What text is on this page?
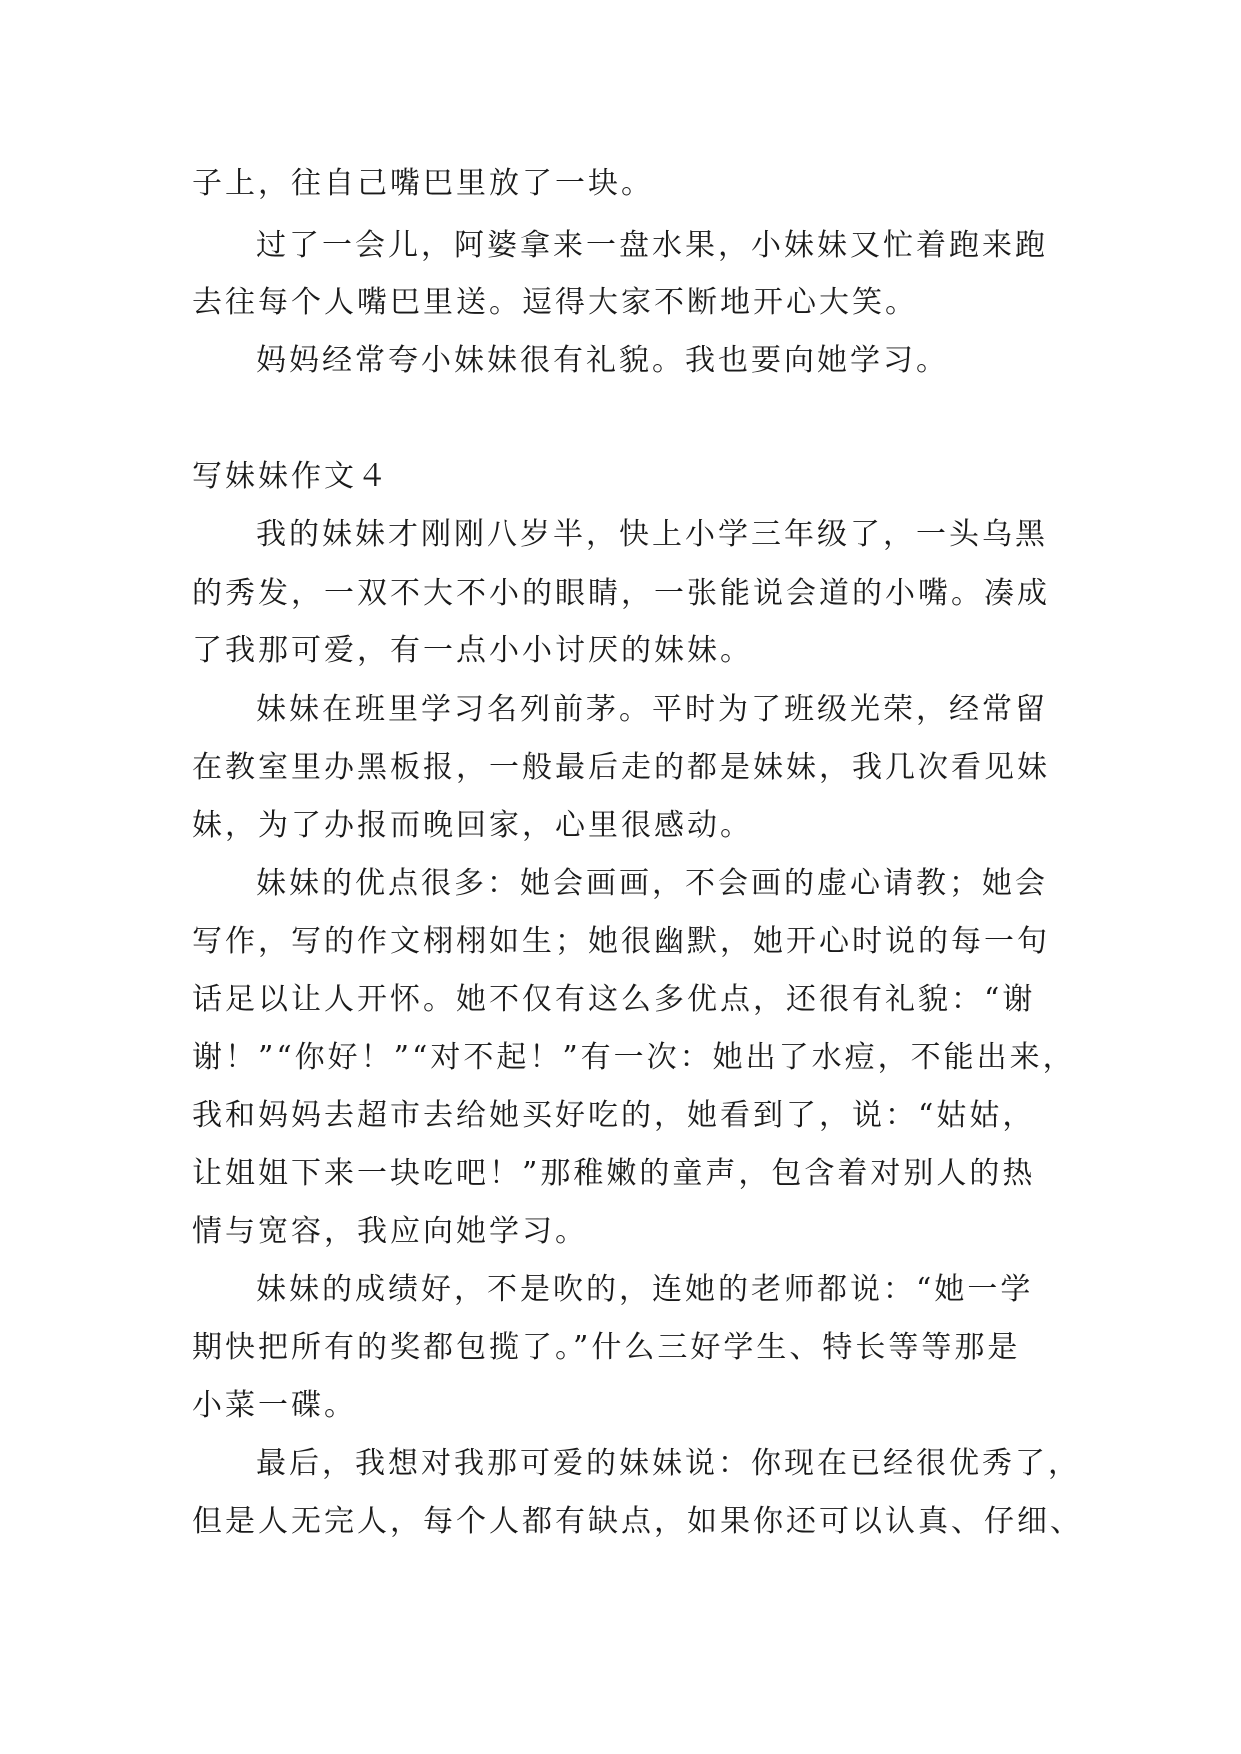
子上，往自己嘴巴里放了一块。
过了一会儿，阿婆拿来一盘水果，小妹妹又忙着跑来跑
去往每个人嘴巴里送。逗得大家不断地开心大笑。
妈妈经常夸小妹妹很有礼貌。我也要向她学习。
写妹妹作文４
我的妹妹才刚刚八岁半，快上小学三年级了，一头乌黑
的秀发，一双不大不小的眼睛，一张能说会道的小嘴。凑成
了我那可爱，有一点小小讨厌的妹妹。
妹妹在班里学习名列前茅。平时为了班级光荣，经常留
在教室里办黑板报，一般最后走的都是妹妹，我几次看见妹
妹，为了办报而晚回家，心里很感动。
妹妹的优点很多：她会画画，不会画的虚心请教；她会
写作，写的作文栩栩如生；她很幽默，她开心时说的每一句
话足以让人开怀。她不仅有这么多优点，还很有礼貌：“谢
谢！”“你好！”“对不起！”有一次：她出了水痘，不能出来，
我和妈妈去超市去给她买好吃的，她看到了，说：“姑姑，
让姐姐下来一块吃吧！”那稚嫩的童声，包含着对别人的热
情与宽容，我应向她学习。
妹妹的成绩好，不是吹的，连她的老师都说：“她一学
期快把所有的奖都包揽了。”什么三好学生、特长等等那是
小菜一碟。
最后，我想对我那可爱的妹妹说：你现在已经很优秀了，
但是人无完人，每个人都有缺点，如果你还可以认真、仔细、
